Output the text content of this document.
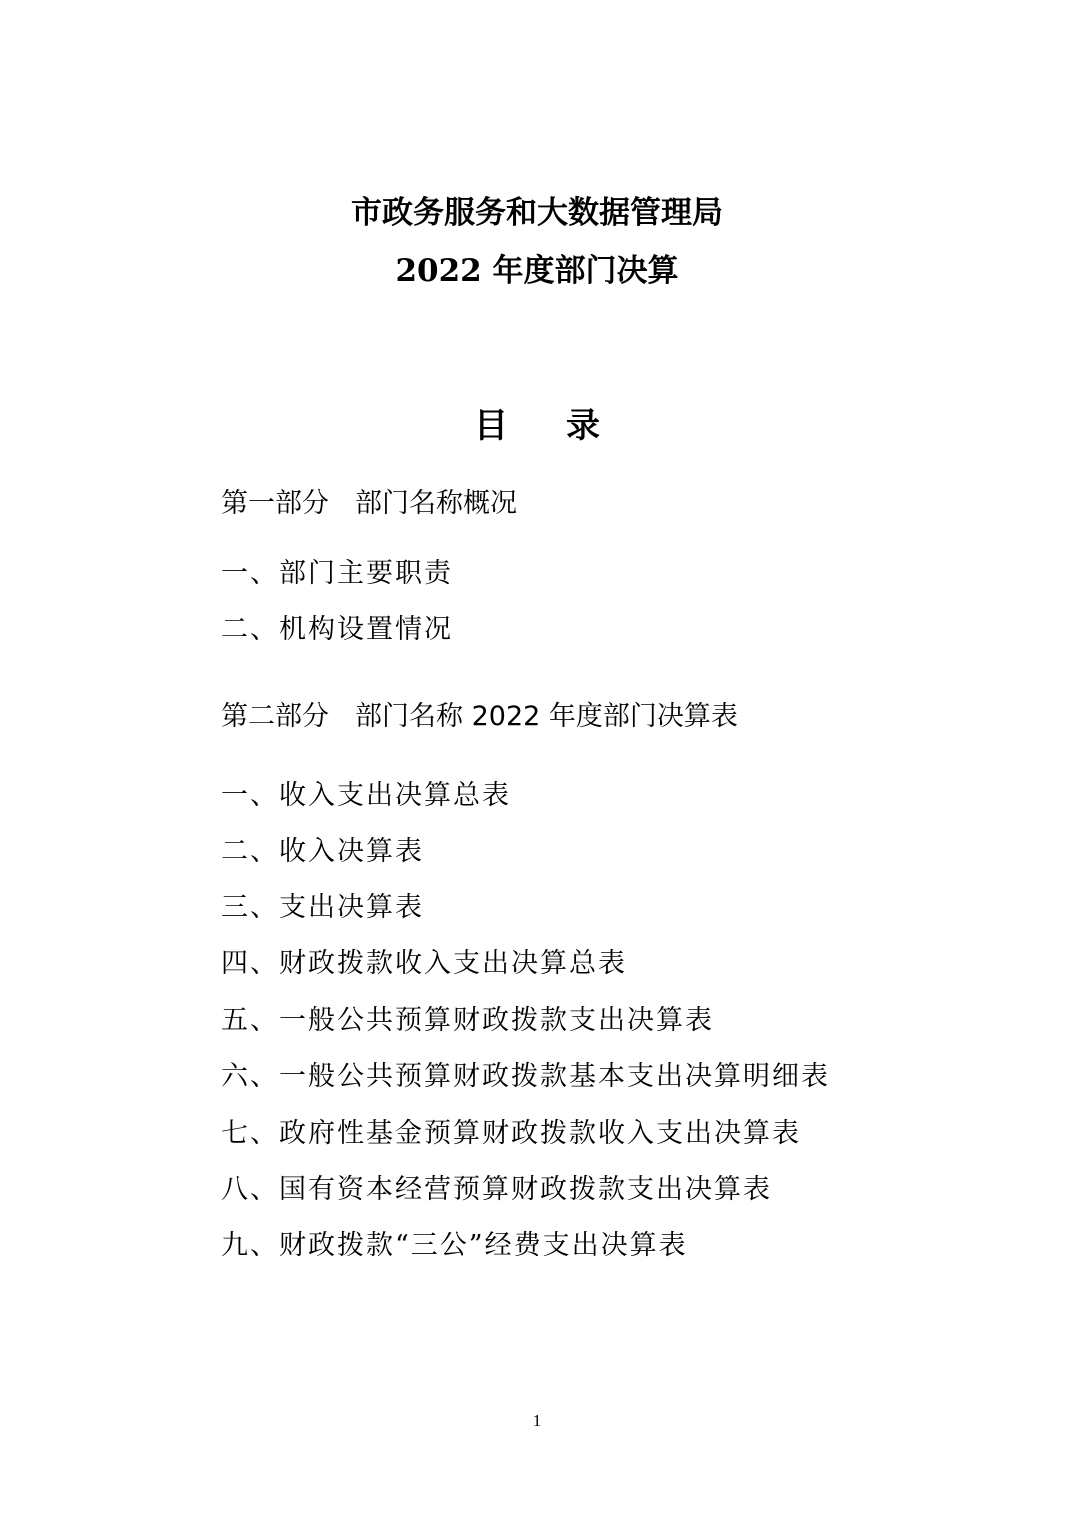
市政务服务和大数据管理局
2022 年度部门决算
目录
第一部分 部门名称概况
一、部门主要职责
二、机构设置情况
第二部分 部门名称 2022 年度部门决算表
一、收入支出决算总表
二、收入决算表
三、支出决算表
四、财政拨款收入支出决算总表
五、一般公共预算财政拨款支出决算表
六、一般公共预算财政拨款基本支出决算明细表
七、政府性基金预算财政拨款收入支出决算表
八、国有资本经营预算财政拨款支出决算表
九、财政拨款“三公”经费支出决算表
1
